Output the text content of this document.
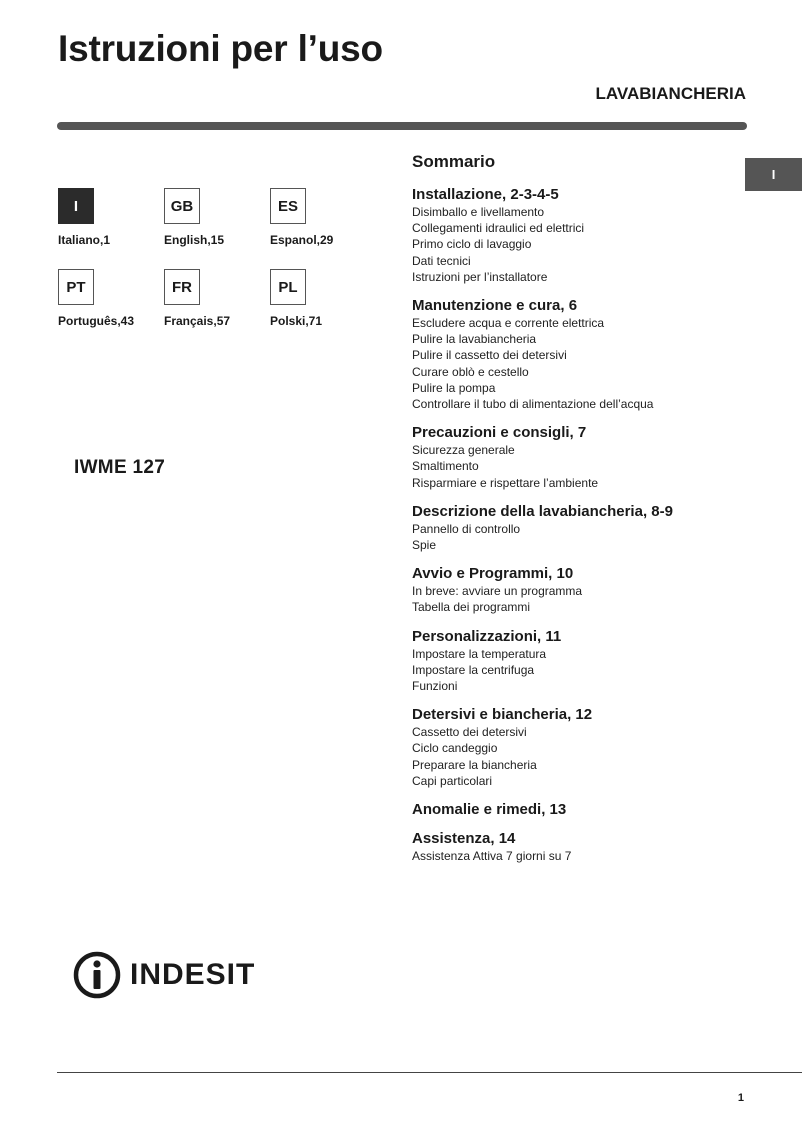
Istruzioni per l’uso
LAVABIANCHERIA
I
I
Italiano,1
GB
English,15
ES
Espanol,29
PT
Português,43
FR
Français,57
PL
Polski,71
IWME 127
Sommario
Installazione, 2-3-4-5
Disimballo e livellamento
Collegamenti idraulici ed elettrici
Primo ciclo di lavaggio
Dati tecnici
Istruzioni per l’installatore
Manutenzione e cura, 6
Escludere acqua e corrente elettrica
Pulire la lavabiancheria
Pulire il cassetto dei detersivi
Curare oblò e cestello
Pulire la pompa
Controllare il tubo di alimentazione dell’acqua
Precauzioni e consigli, 7
Sicurezza generale
Smaltimento
Risparmiare e rispettare l’ambiente
Descrizione della lavabiancheria, 8-9
Pannello di controllo
Spie
Avvio e Programmi, 10
In breve: avviare un programma
Tabella dei programmi
Personalizzazioni, 11
Impostare la temperatura
Impostare la centrifuga
Funzioni
Detersivi e biancheria, 12
Cassetto dei detersivi
Ciclo candeggio
Preparare la biancheria
Capi particolari
Anomalie e rimedi, 13
Assistenza, 14
Assistenza Attiva 7 giorni su 7
INDESIT
1
